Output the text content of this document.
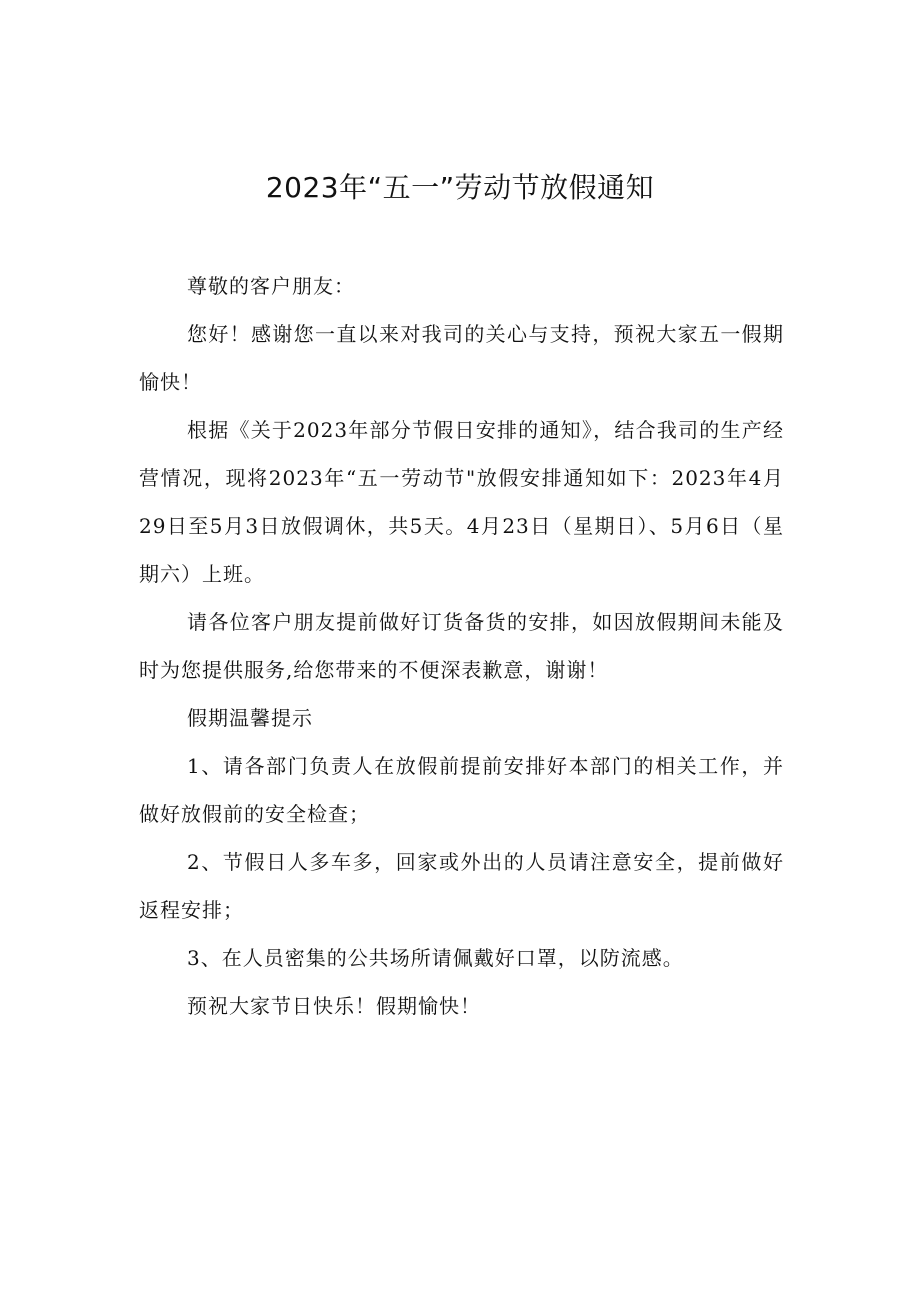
2023年“五一”劳动节放假通知

尊敬的客户朋友：

您好！感谢您一直以来对我司的关心与支持，预祝大家五一假期愉快！

根据《关于2023年部分节假日安排的通知》，结合我司的生产经营情况，现将2023年“五一劳动节"放假安排通知如下：2023年4月29日至5月3日放假调休，共5天。4月23日（星期日）、5月6日（星期六）上班。

请各位客户朋友提前做好订货备货的安排，如因放假期间未能及时为您提供服务,给您带来的不便深表歉意，谢谢！

假期温馨提示

1、请各部门负责人在放假前提前安排好本部门的相关工作，并做好放假前的安全检查；

2、节假日人多车多，回家或外出的人员请注意安全，提前做好返程安排；

3、在人员密集的公共场所请佩戴好口罩，以防流感。

预祝大家节日快乐！假期愉快！
